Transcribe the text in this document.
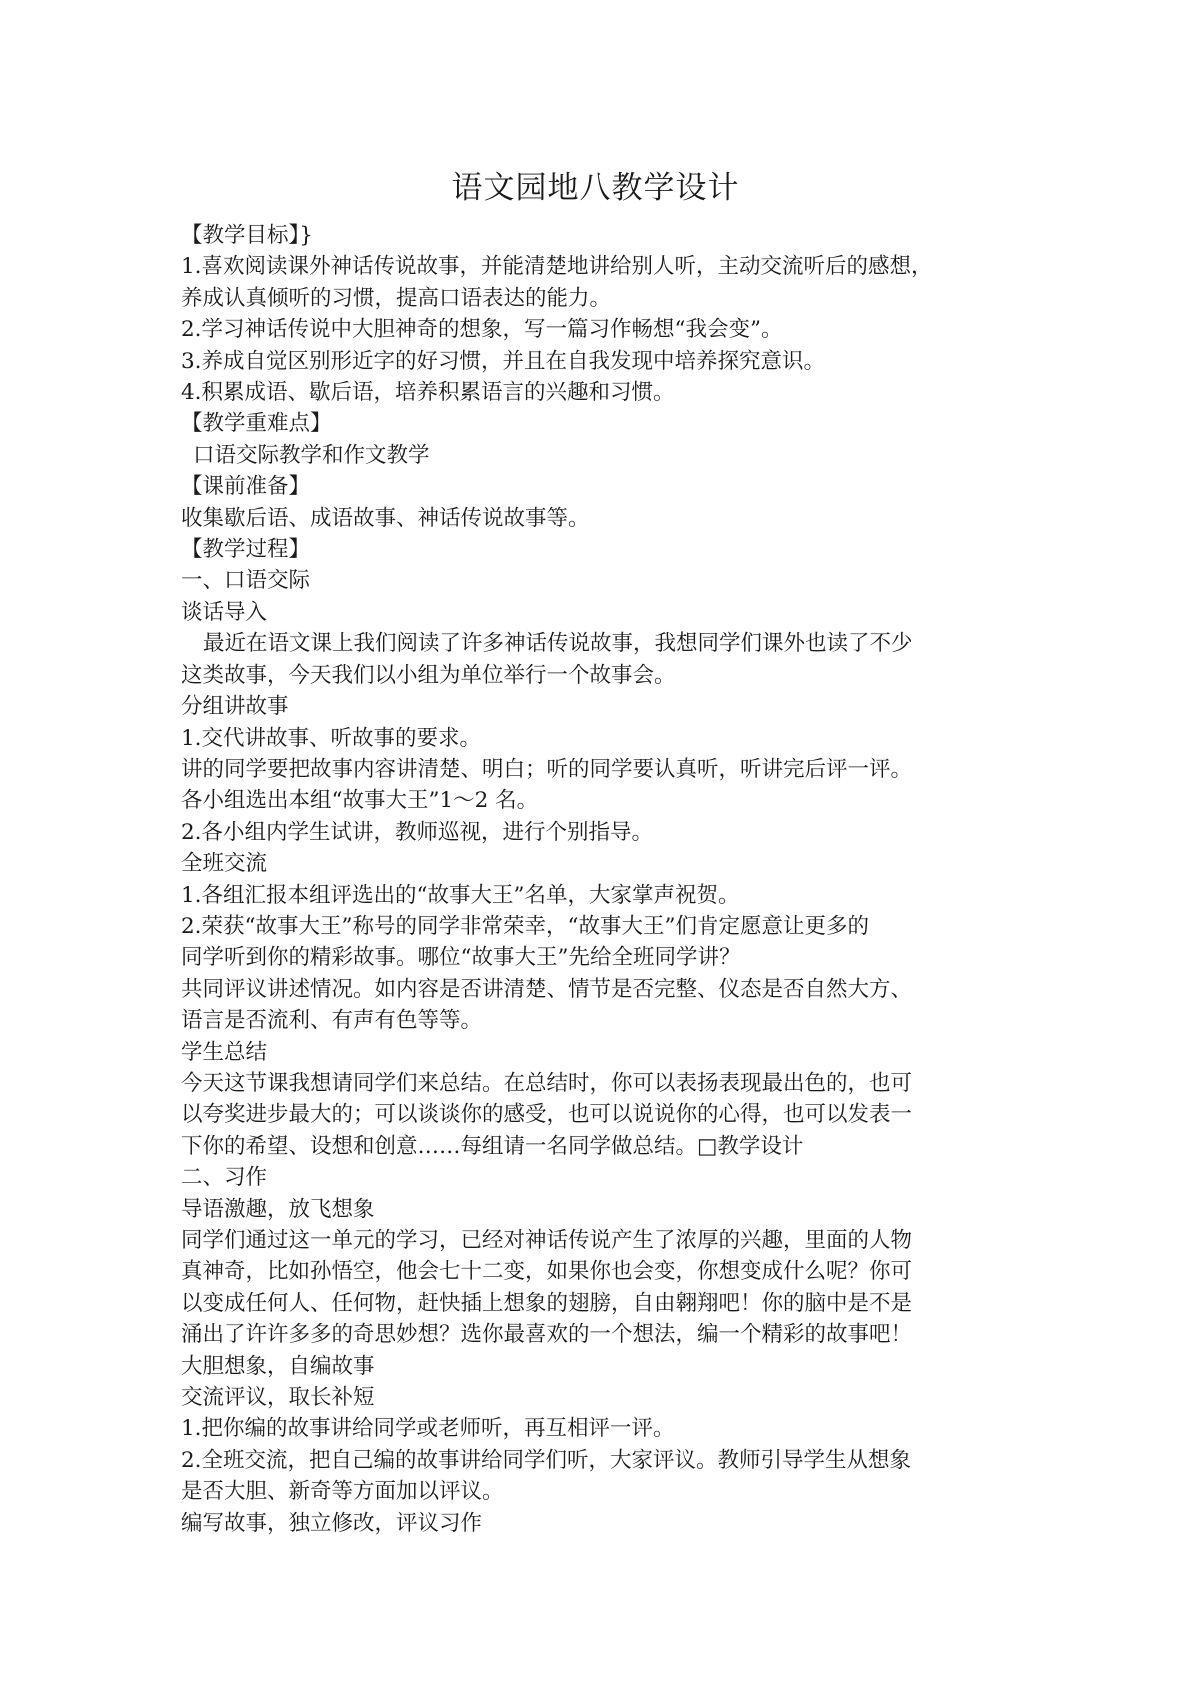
语文园地八教学设计

【教学目标】}

1.喜欢阅读课外神话传说故事，并能清楚地讲给别人听，主动交流听后的感想，

养成认真倾听的习惯，提高口语表达的能力。

2.学习神话传说中大胆神奇的想象，写一篇习作畅想“我会变”。

3.养成自觉区别形近字的好习惯，并且在自我发现中培养探究意识。

4.积累成语、歇后语，培养积累语言的兴趣和习惯。

【教学重难点】

口语交际教学和作文教学

【课前准备】

收集歇后语、成语故事、神话传说故事等。

【教学过程】

一、口语交际

谈话导入

最近在语文课上我们阅读了许多神话传说故事，我想同学们课外也读了不少

这类故事，今天我们以小组为单位举行一个故事会。

分组讲故事

1.交代讲故事、听故事的要求。

讲的同学要把故事内容讲清楚、明白；听的同学要认真听，听讲完后评一评。

各小组选出本组“故事大王”1～2 名。

2.各小组内学生试讲，教师巡视，进行个别指导。

全班交流

1.各组汇报本组评选出的“故事大王”名单，大家掌声祝贺。

2.荣获“故事大王”称号的同学非常荣幸，“故事大王”们肯定愿意让更多的

同学听到你的精彩故事。哪位“故事大王”先给全班同学讲？

共同评议讲述情况。如内容是否讲清楚、情节是否完整、仪态是否自然大方、

语言是否流利、有声有色等等。

学生总结

今天这节课我想请同学们来总结。在总结时，你可以表扬表现最出色的，也可

以夸奖进步最大的；可以谈谈你的感受，也可以说说你的心得，也可以发表一

下你的希望、设想和创意……每组请一名同学做总结。□教学设计

二、习作

导语激趣，放飞想象

同学们通过这一单元的学习，已经对神话传说产生了浓厚的兴趣，里面的人物

真神奇，比如孙悟空，他会七十二变，如果你也会变，你想变成什么呢？你可

以变成任何人、任何物，赶快插上想象的翅膀，自由翱翔吧！你的脑中是不是

涌出了许许多多的奇思妙想？选你最喜欢的一个想法，编一个精彩的故事吧！

大胆想象，自编故事

交流评议，取长补短

1.把你编的故事讲给同学或老师听，再互相评一评。

2.全班交流，把自己编的故事讲给同学们听，大家评议。教师引导学生从想象

是否大胆、新奇等方面加以评议。

编写故事，独立修改，评议习作
